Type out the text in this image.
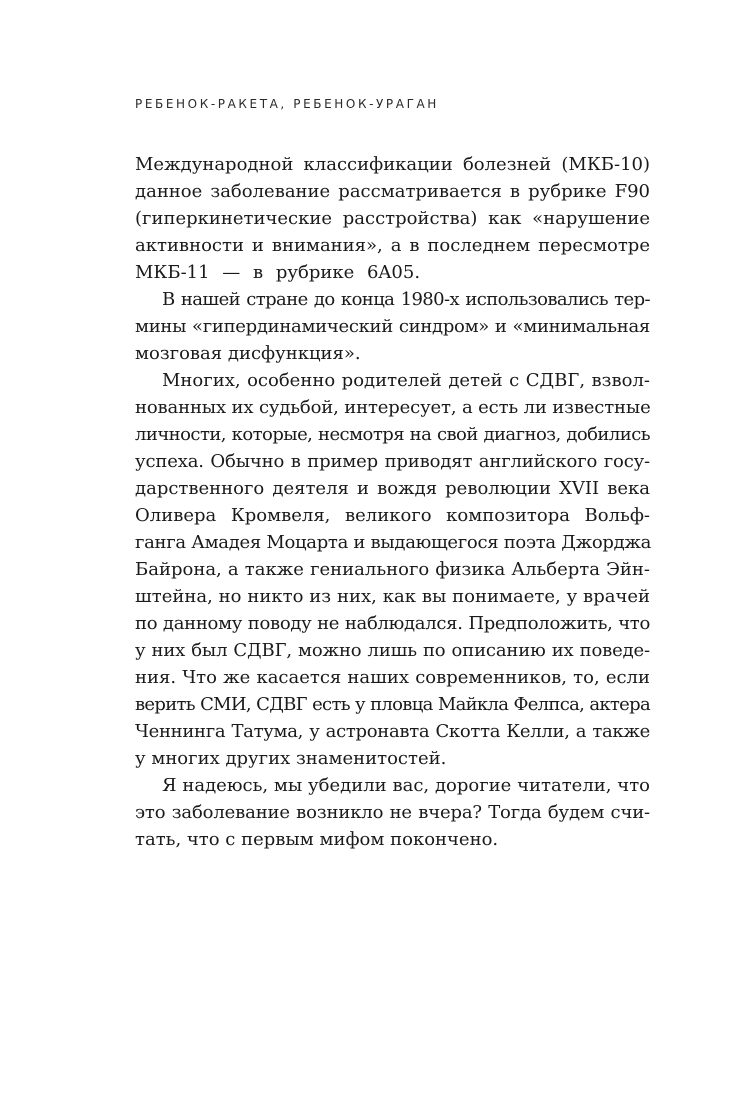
РЕБЕНОК-РАКЕТА, РЕБЕНОК-УРАГАН
Международной классификации болезней (МКБ-10)
данное заболевание рассматривается в рубрике F90
(гиперкинетические расстройства) как «нарушение
активности и внимания», а в последнем пересмотре
МКБ-11 — в рубрике 6A05.
В нашей стране до конца 1980-х использовались тер-
мины «гипердинамический синдром» и «минимальная
мозговая дисфункция».
Многих, особенно родителей детей с СДВГ, взвол-
нованных их судьбой, интересует, а есть ли известные
личности, которые, несмотря на свой диагноз, добились
успеха. Обычно в пример приводят английского госу-
дарственного деятеля и вождя революции XVII века
Оливера Кромвеля, великого композитора Вольф-
ганга Амадея Моцарта и выдающегося поэта Джорджа
Байрона, а также гениального физика Альберта Эйн-
штейна, но никто из них, как вы понимаете, у врачей
по данному поводу не наблюдался. Предположить, что
у них был СДВГ, можно лишь по описанию их поведе-
ния. Что же касается наших современников, то, если
верить СМИ, СДВГ есть у пловца Майкла Фелпса, актера
Ченнинга Татума, у астронавта Скотта Келли, а также
у многих других знаменитостей.
Я надеюсь, мы убедили вас, дорогие читатели, что
это заболевание возникло не вчера? Тогда будем счи-
тать, что с первым мифом покончено.
